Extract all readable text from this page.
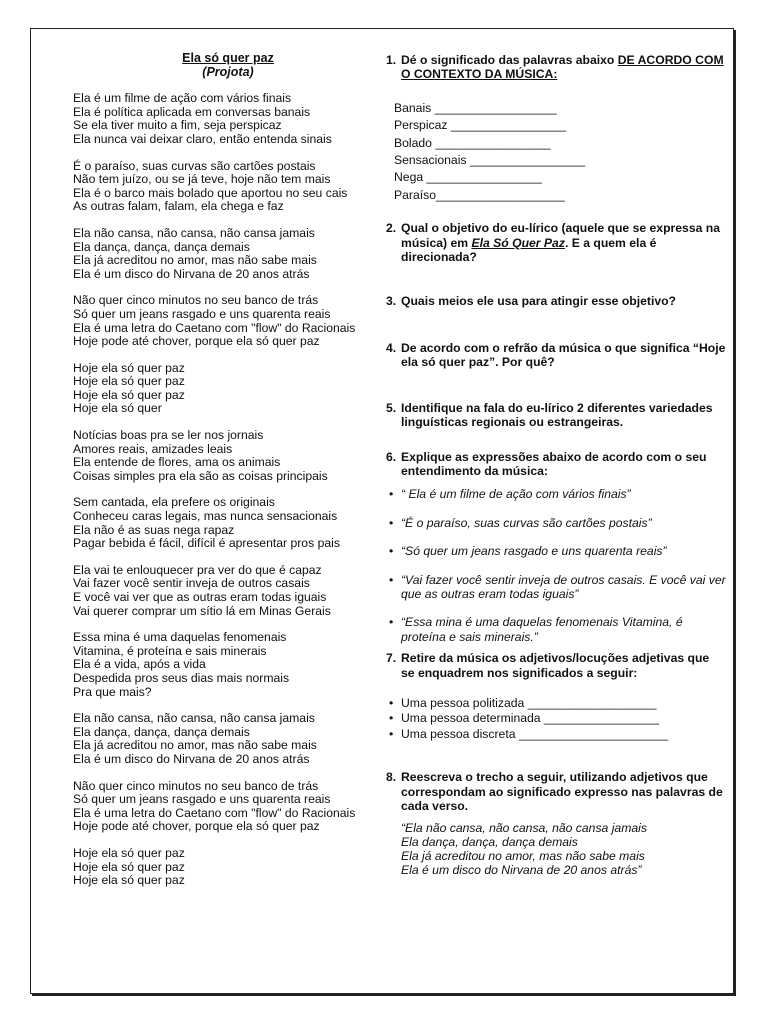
Ela só quer paz
(Projota)
Ela é um filme de ação com vários finais
Ela é política aplicada em conversas banais
Se ela tiver muito a fim, seja perspicaz
Ela nunca vai deixar claro, então entenda sinais
É o paraíso, suas curvas são cartões postais
Não tem juízo, ou se já teve, hoje não tem mais
Ela é o barco mais bolado que aportou no seu cais
As outras falam, falam, ela chega e faz
Ela não cansa, não cansa, não cansa jamais
Ela dança, dança, dança demais
Ela já acreditou no amor, mas não sabe mais
Ela é um disco do Nirvana de 20 anos atrás
Não quer cinco minutos no seu banco de trás
Só quer um jeans rasgado e uns quarenta reais
Ela é uma letra do Caetano com "flow" do Racionais
Hoje pode até chover, porque ela só quer paz
Hoje ela só quer paz
Hoje ela só quer paz
Hoje ela só quer paz
Hoje ela só quer
Notícias boas pra se ler nos jornais
Amores reais, amizades leais
Ela entende de flores, ama os animais
Coisas simples pra ela são as coisas principais
Sem cantada, ela prefere os originais
Conheceu caras legais, mas nunca sensacionais
Ela não é as suas nega rapaz
Pagar bebida é fácil, difícil é apresentar pros pais
Ela vai te enlouquecer pra ver do que é capaz
Vai fazer você sentir inveja de outros casais
E você vai ver que as outras eram todas iguais
Vai querer comprar um sítio lá em Minas Gerais
Essa mina é uma daquelas fenomenais
Vitamina, é proteína e sais minerais
Ela é a vida, após a vida
Despedida pros seus dias mais normais
Pra que mais?
Ela não cansa, não cansa, não cansa jamais
Ela dança, dança, dança demais
Ela já acreditou no amor, mas não sabe mais
Ela é um disco do Nirvana de 20 anos atrás
Não quer cinco minutos no seu banco de trás
Só quer um jeans rasgado e uns quarenta reais
Ela é uma letra do Caetano com "flow" do Racionais
Hoje pode até chover, porque ela só quer paz
Hoje ela só quer paz
Hoje ela só quer paz
Hoje ela só quer paz
1. Dé o significado das palavras abaixo DE ACORDO COM O CONTEXTO DA MÚSICA:
Banais __________________
Perspicaz _________________
Bolado _________________
Sensacionais _________________
Nega _________________
Paraíso___________________
2. Qual o objetivo do eu-lírico (aquele que se expressa na música) em Ela Só Quer Paz. E a quem ela é direcionada?
3. Quais meios ele usa para atingir esse objetivo?
4. De acordo com o refrão da música o que significa “Hoje ela só quer paz”. Por quê?
5. Identifique na fala do eu-lírico 2 diferentes variedades linguísticas regionais ou estrangeiras.
6. Explique as expressões abaixo de acordo com o seu entendimento da música:
• “ Ela é um filme de ação com vários finais”
• “É o paraíso, suas curvas são cartões postais”
• “Só quer um jeans rasgado e uns quarenta reais”
• “Vai fazer você sentir inveja de outros casais. E você vai ver que as outras eram todas iguais”
• “Essa mina é uma daquelas fenomenais Vitamina, é proteína e sais minerais.”
7. Retire da música os adjetivos/locuções adjetivas que se enquadrem nos significados a seguir:
• Uma pessoa politizada ___________________
• Uma pessoa determinada _________________
• Uma pessoa discreta ______________________
8. Reescreva o trecho a seguir, utilizando adjetivos que correspondam ao significado expresso nas palavras de cada verso.
“Ela não cansa, não cansa, não cansa jamais
Ela dança, dança, dança demais
Ela já acreditou no amor, mas não sabe mais
Ela é um disco do Nirvana de 20 anos atrás”
